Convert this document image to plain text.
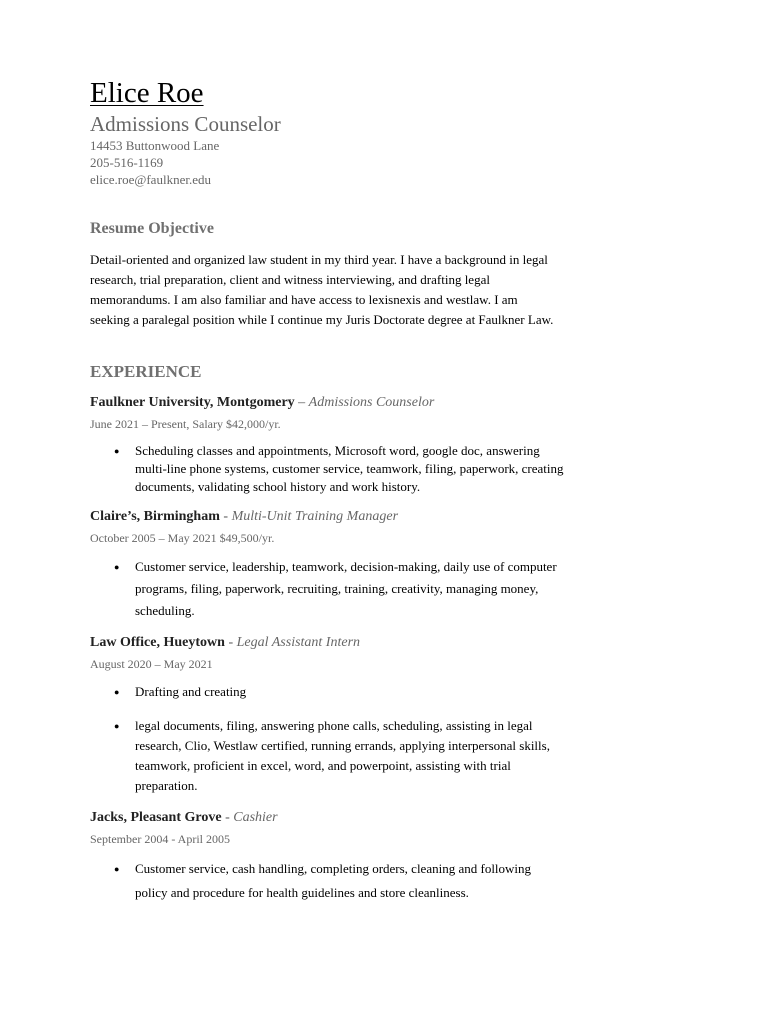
Elice Roe
Admissions Counselor
14453 Buttonwood Lane
205-516-1169
elice.roe@faulkner.edu
Resume Objective

Detail-oriented and organized law student in my third year. I have a background in legal research, trial preparation, client and witness interviewing, and drafting legal memorandums. I am also familiar and have access to lexisnexis and westlaw. I am seeking a paralegal position while I continue my Juris Doctorate degree at Faulkner Law.

EXPERIENCE

Faulkner University, Montgomery – Admissions Counselor

June 2021 – Present, Salary $42,000/yr.

● Scheduling classes and appointments, Microsoft word, google doc, answering multi-line phone systems, customer service, teamwork, filing, paperwork, creating documents, validating school history and work history.

Claire’s, Birmingham - Multi-Unit Training Manager

October 2005 – May 2021 $49,500/yr.

● Customer service, leadership, teamwork, decision-making, daily use of computer programs, filing, paperwork, recruiting, training, creativity, managing money, scheduling.

Law Office, Hueytown - Legal Assistant Intern

August 2020 – May 2021

● Drafting and creating
● legal documents, filing, answering phone calls, scheduling, assisting in legal research, Clio, Westlaw certified, running errands, applying interpersonal skills, teamwork, proficient in excel, word, and powerpoint, assisting with trial preparation.

Jacks, Pleasant Grove - Cashier

September 2004 - April 2005

● Customer service, cash handling, completing orders, cleaning and following policy and procedure for health guidelines and store cleanliness.
